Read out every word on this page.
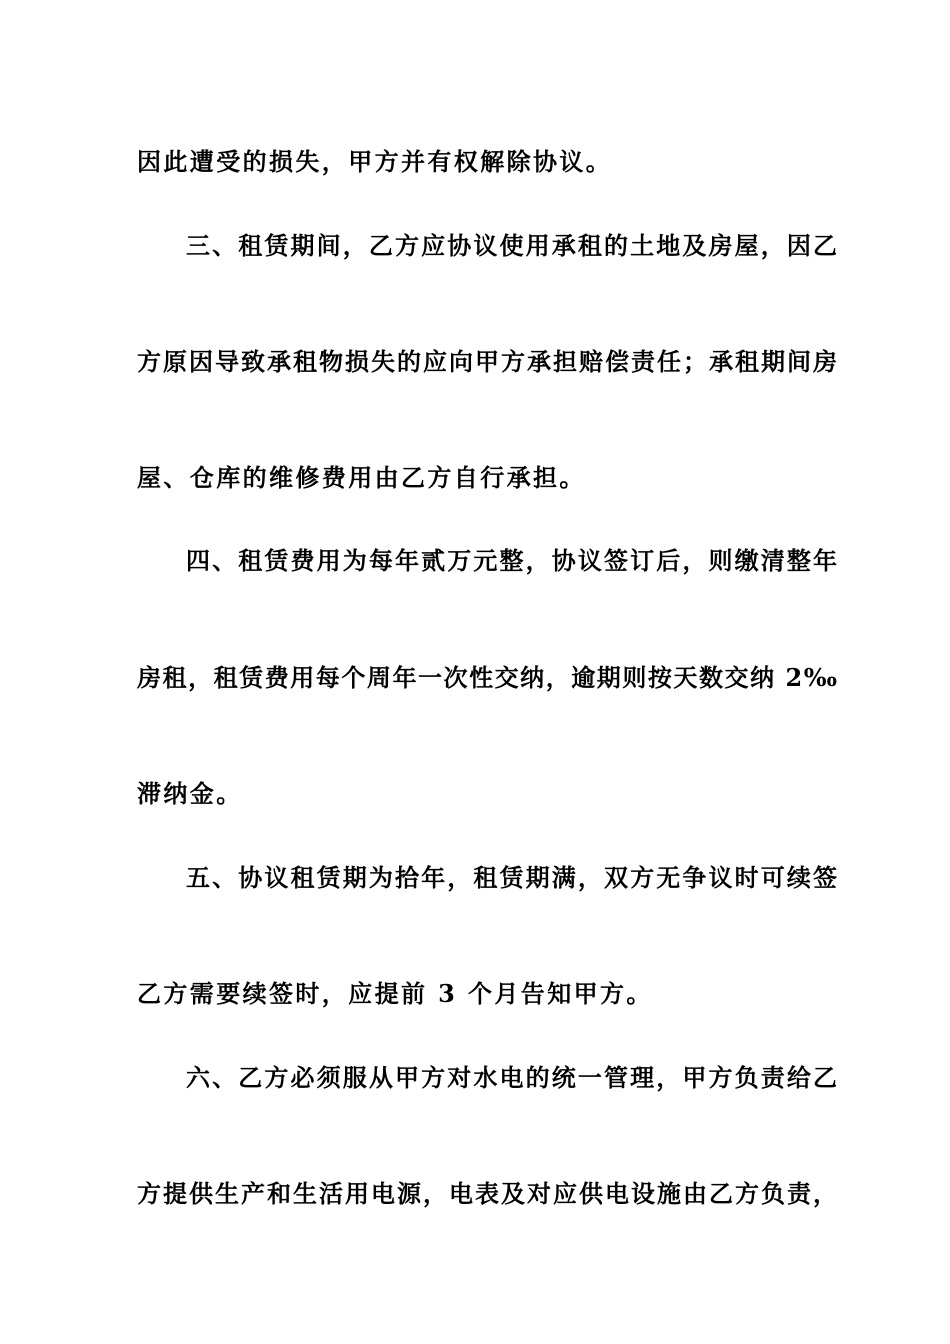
因此遭受的损失，甲方并有权解除协议。
三、租赁期间，乙方应协议使用承租的土地及房屋，因乙
方原因导致承租物损失的应向甲方承担赔偿责任；承租期间房
屋、仓库的维修费用由乙方自行承担。
四、租赁费用为每年贰万元整，协议签订后，则缴清整年
房租，租赁费用每个周年一次性交纳，逾期则按天数交纳 2‰
滞纳金。
五、协议租赁期为拾年，租赁期满，双方无争议时可续签
乙方需要续签时，应提前 3 个月告知甲方。
六、乙方必须服从甲方对水电的统一管理，甲方负责给乙
方提供生产和生活用电源，电表及对应供电设施由乙方负责，
